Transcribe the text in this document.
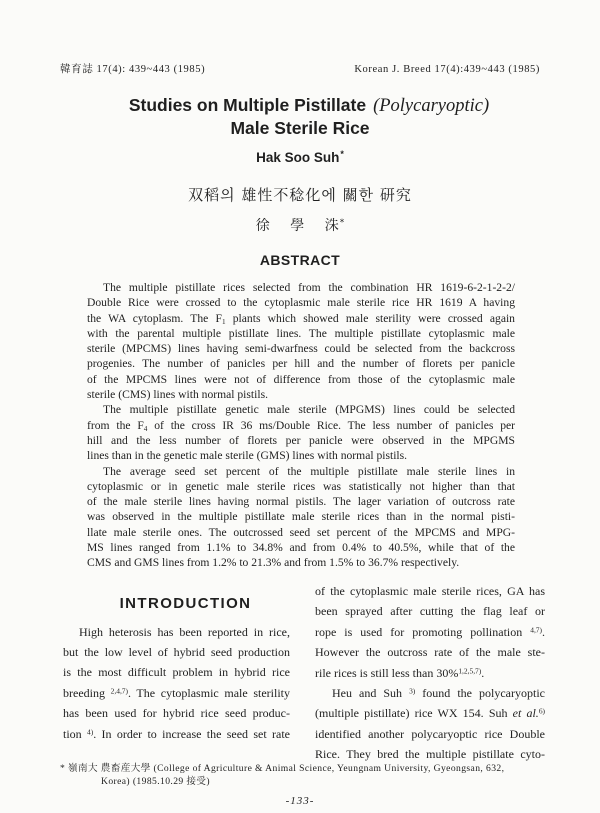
韓育誌 17(4): 439~443 (1985)	Korean J. Breed 17(4):439~443 (1985)
Studies on Multiple Pistillate (Polycaryoptic)
Male Sterile Rice
Hak Soo Suh*
双稻의 雄性不稔化에 關한 研究
徐 學 洙*
ABSTRACT
The multiple pistillate rices selected from the combination HR 1619-6-2-1-2-2/
Double Rice were crossed to the cytoplasmic male sterile rice HR 1619 A having
the WA cytoplasm. The $F_1$ plants which showed male sterility were crossed again
with the parental multiple pistillate lines. The multiple pistillate cytoplasmic male
sterile (MPCMS) lines having semi-dwarfness could be selected from the backcross
progenies. The number of panicles per hill and the number of florets per panicle
of the MPCMS lines were not of difference from those of the cytoplasmic male
sterile (CMS) lines with normal pistils.
The multiple pistillate genetic male sterile (MPGMS) lines could be selected
from the $F_4$ of the cross IR 36 ms/Double Rice. The less number of panicles per
hill and the less number of florets per panicle were observed in the MPGMS
lines than in the genetic male sterile (GMS) lines with normal pistils.
The average seed set percent of the multiple pistillate male sterile lines in
cytoplasmic or in genetic male sterile rices was statistically not higher than that
of the male sterile lines having normal pistils. The lager variation of outcross rate
was observed in the multiple pistillate male sterile rices than in the normal pisti-
llate male sterile ones. The outcrossed seed set percent of the MPCMS and MPG-
MS lines ranged from 1.1% to 34.8% and from 0.4% to 40.5%, while that of the
CMS and GMS lines from 1.2% to 21.3% and from 1.5% to 36.7% respectively.
INTRODUCTION
High heterosis has been reported in rice,
but the low level of hybrid seed production
is the most difficult problem in hybrid rice
breeding $^{2,4,7)}$. The cytoplasmic male sterility
has been used for hybrid rice seed produc-
tion $^{4)}$. In order to increase the seed set rate
of the cytoplasmic male sterile rices, GA has
been sprayed after cutting the flag leaf or
rope is used for promoting pollination $^{4,7)}$.
However the outcross rate of the male ste-
rile rices is still less than 30%$^{1,2,5,7)}$.
Heu and Suh $^{3)}$ found the polycaryoptic
(multiple pistillate) rice WX 154. Suh et al.$^{6)}$
identified another polycaryoptic rice Double
Rice. They bred the multiple pistillate cyto-
* 嶺南大 農畜産大學 (College of Agriculture & Animal Science, Yeungnam University, Gyeongsan, 632,
Korea) (1985.10.29 接受)
-133-
